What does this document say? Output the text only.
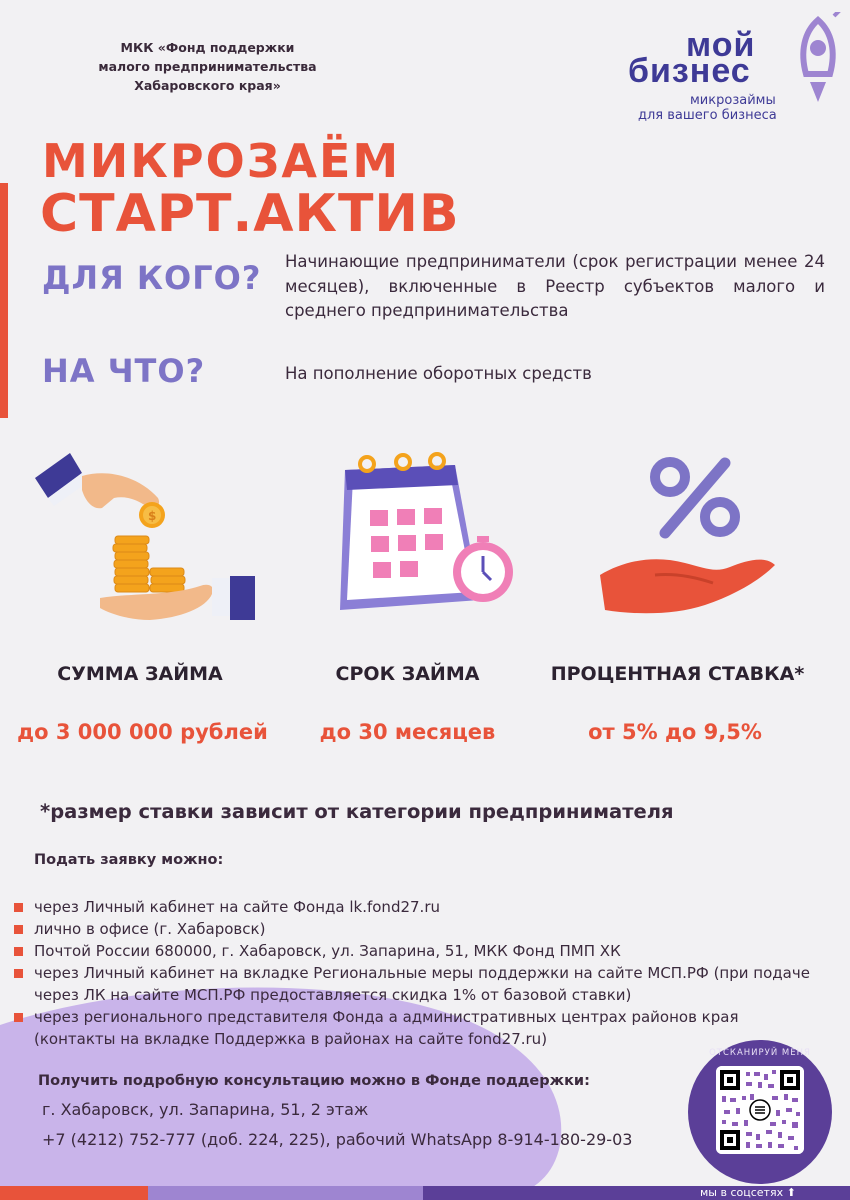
МКК «Фонд поддержки
малого предпринимательства
Хабаровского края»
мой
бизнес
микрозаймы
для вашего бизнеса
МИКРОЗАЁМ
СТАРТ.АКТИВ
ДЛЯ КОГО? Начинающие предприниматели (срок регистрации менее 24 месяцев), включенные в Реестр субъектов малого и среднего предпринимательства
НА ЧТО?	На пополнение оборотных средств
$
СУММА ЗАЙМА	СРОК ЗАЙМА	ПРОЦЕНТНАЯ СТАВКА*
до 3 000 000 рублей	до 30 месяцев	от 5% до 9,5%
*размер ставки зависит от категории предпринимателя
Подать заявку можно:
через Личный кабинет на сайте Фонда lk.fond27.ru
лично в офисе (г. Хабаровск)
Почтой России 680000, г. Хабаровск, ул. Запарина, 51, МКК Фонд ПМП ХК
через Личный кабинет на вкладке Региональные меры поддержки на сайте МСП.РФ (при подаче через ЛК на сайте МСП.РФ предоставляется скидка 1% от базовой ставки)
через регионального представителя Фонда а административных центрах районов края (контакты на вкладке Поддержка в районах на сайте fond27.ru)
Получить подробную консультацию можно в Фонде поддержки:
г. Хабаровск, ул. Запарина, 51, 2 этаж
+7 (4212) 752-777 (доб. 224, 225), рабочий WhatsApp 8-914-180-29-03
ОТСКАНИРУЙ МЕНЯ
мы в соцсетях ⬆
